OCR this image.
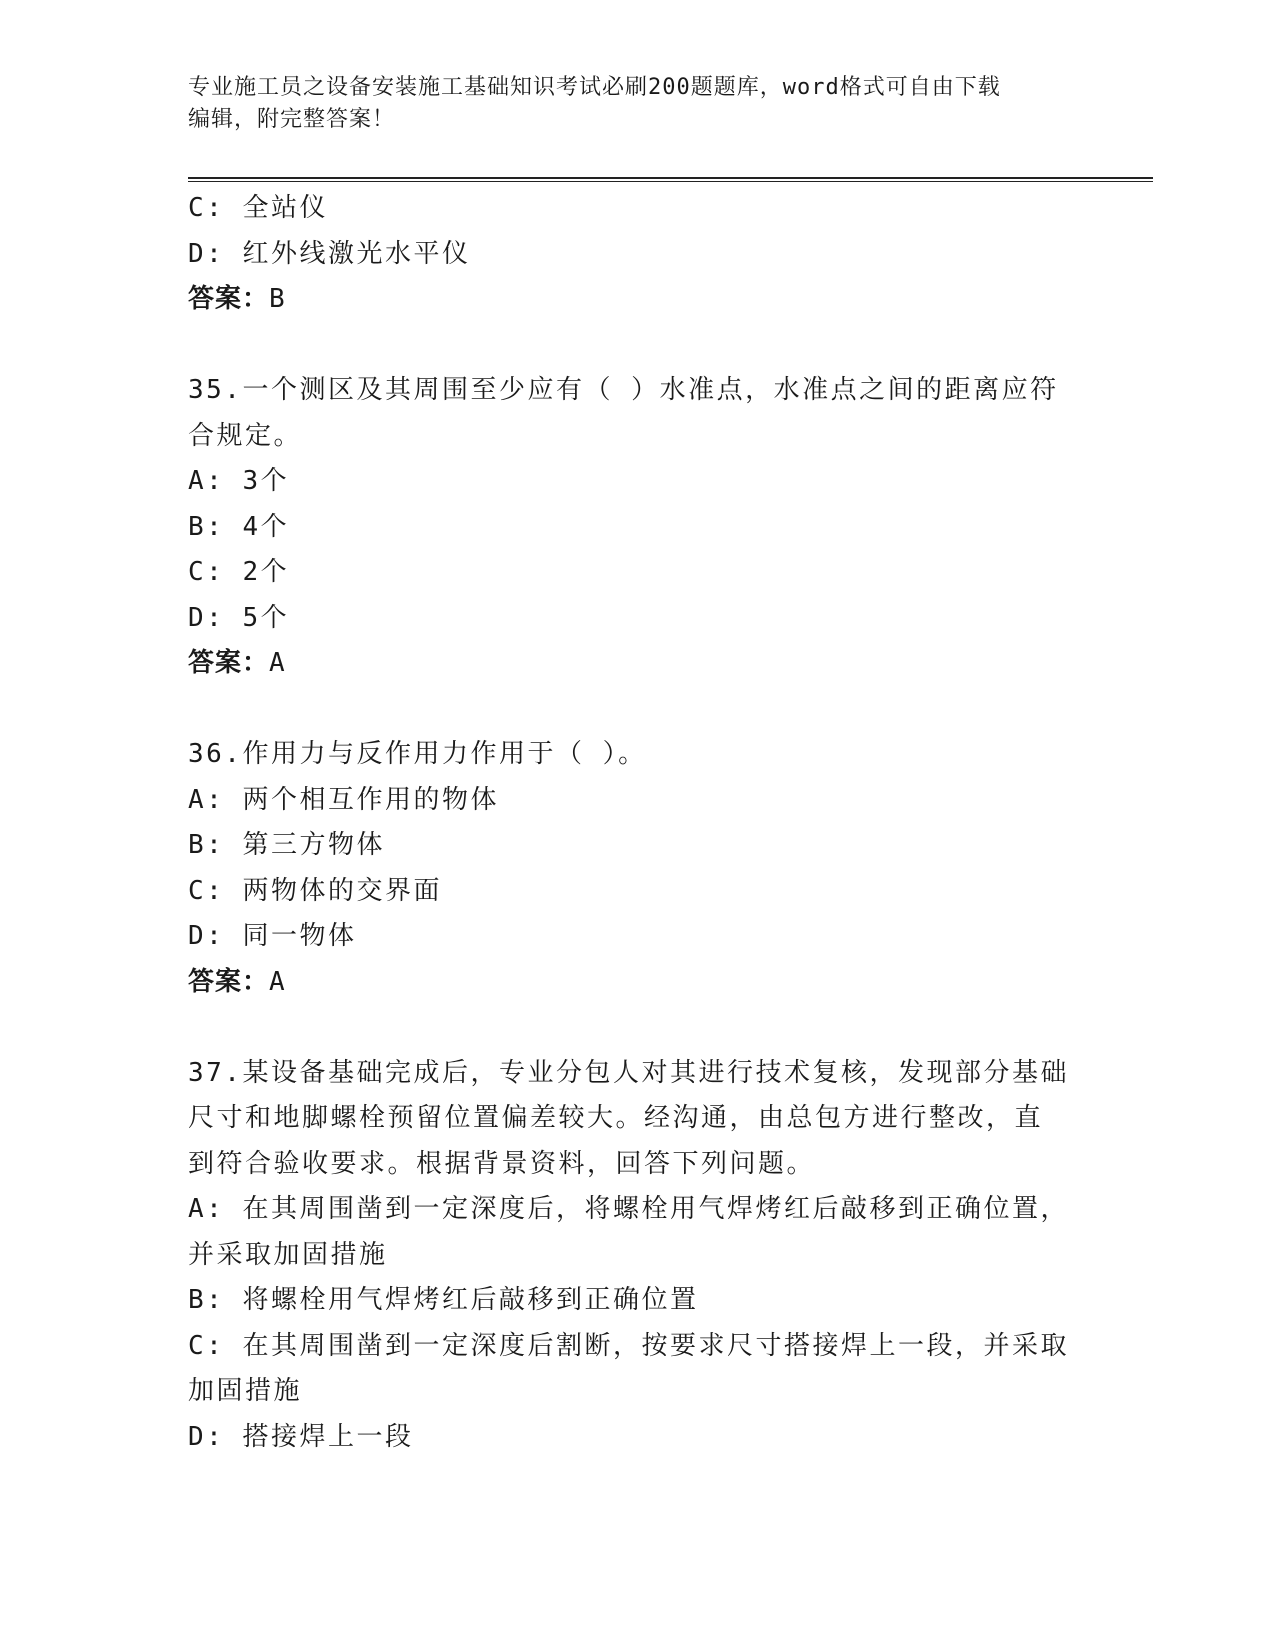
专业施工员之设备安装施工基础知识考试必刷200题题库，word格式可自由下载
编辑，附完整答案！
C: 全站仪
D: 红外线激光水平仪
答案：B
35.一个测区及其周围至少应有（ ）水准点，水准点之间的距离应符
合规定。
A: 3个
B: 4个
C: 2个
D: 5个
答案：A
36.作用力与反作用力作用于（ ）。
A: 两个相互作用的物体
B: 第三方物体
C: 两物体的交界面
D: 同一物体
答案：A
37.某设备基础完成后，专业分包人对其进行技术复核，发现部分基础
尺寸和地脚螺栓预留位置偏差较大。经沟通，由总包方进行整改，直
到符合验收要求。根据背景资料，回答下列问题。
A: 在其周围凿到一定深度后，将螺栓用气焊烤红后敲移到正确位置，
并采取加固措施
B: 将螺栓用气焊烤红后敲移到正确位置
C: 在其周围凿到一定深度后割断，按要求尺寸搭接焊上一段，并采取
加固措施
D: 搭接焊上一段
